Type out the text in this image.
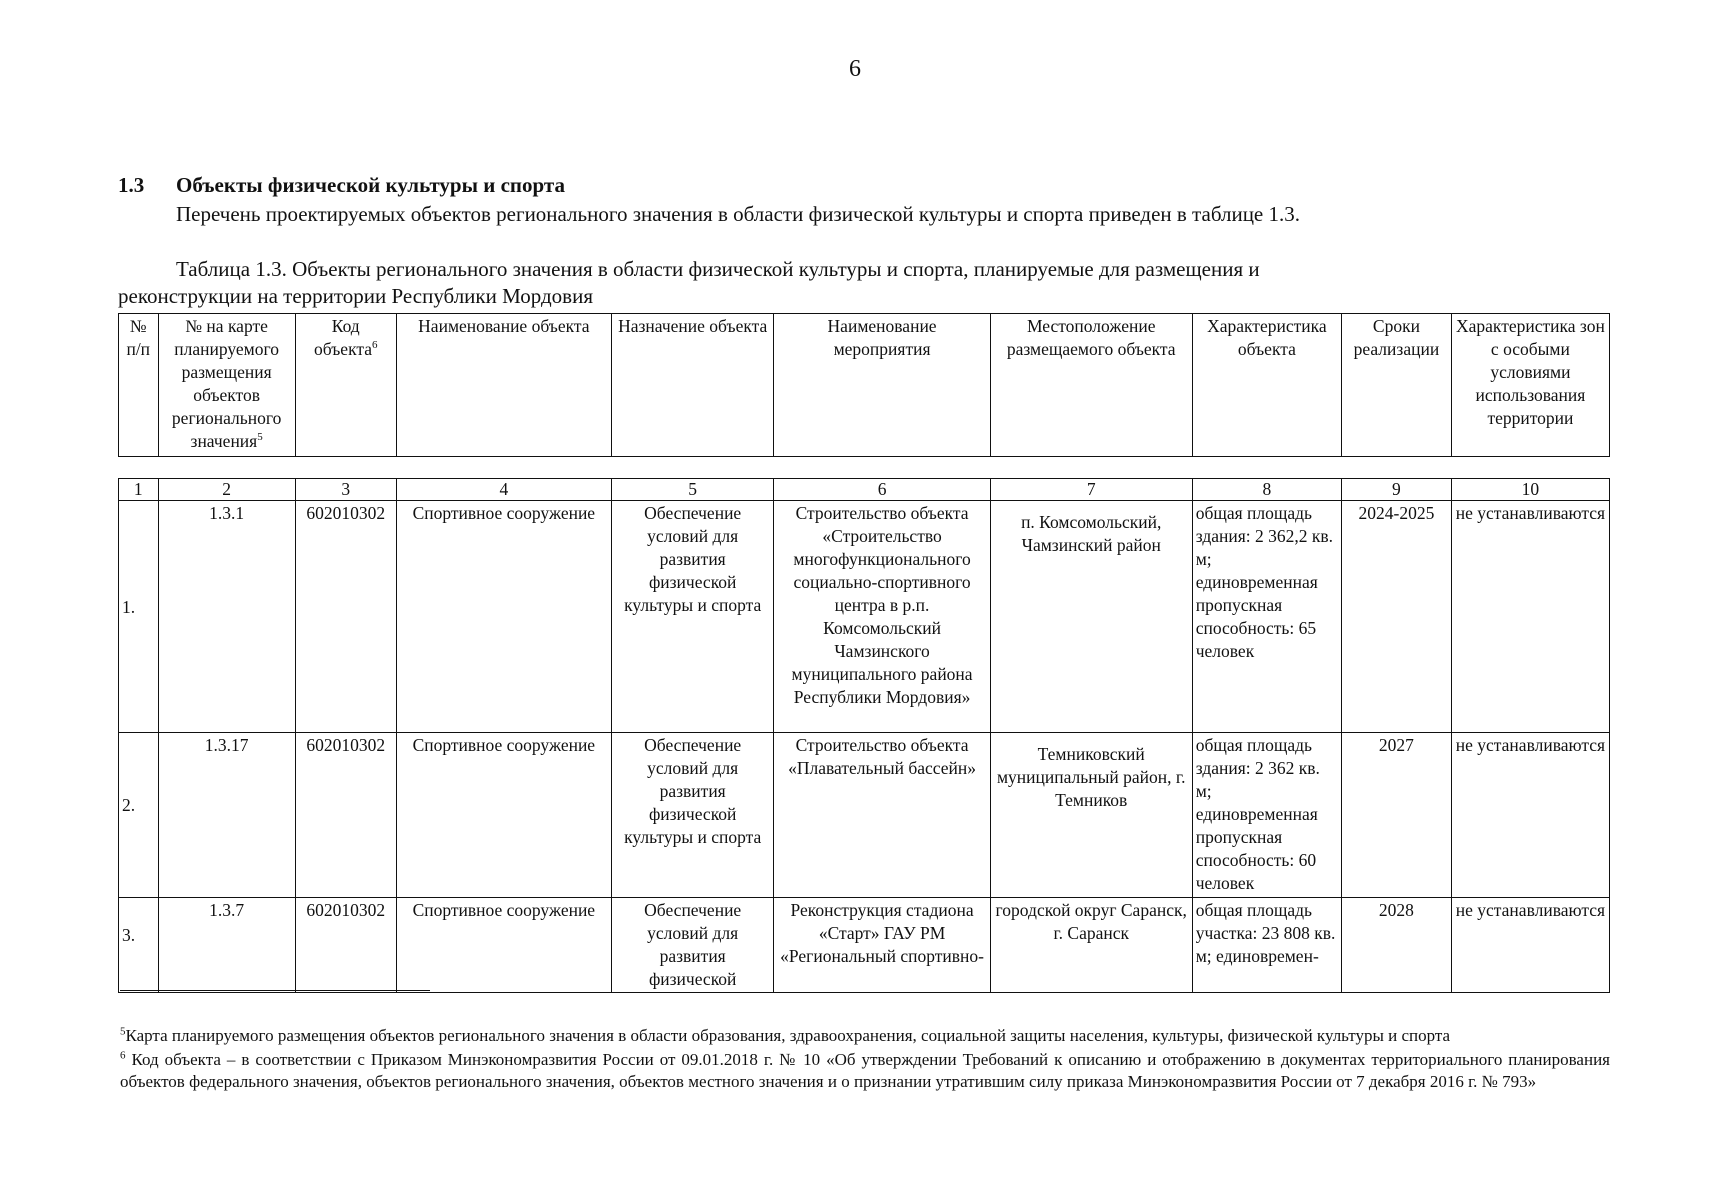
6
1.3 Объекты физической культуры и спорта
Перечень проектируемых объектов регионального значения в области физической культуры и спорта приведен в таблице 1.3.
Таблица 1.3. Объекты регионального значения в области физической культуры и спорта, планируемые для размещения и
реконструкции на территории Республики Мордовия
№ п/п	№ на карте планируемого размещения объектов регионального значения$^5$	Код объекта$^6$	Наименование объекта	Назначение объекта	Наименование мероприятия	Местоположение размещаемого объекта	Характеристика объекта	Сроки реализации	Характеристика зон с особыми условиями использования территории
1	2	3	4	5	6	7	8	9	10
1.	1.3.1	602010302	Спортивное сооружение	Обеспечение условий для развития физической культуры и спорта	Строительство объекта «Строительство многофункционального социально-спортивного центра в р.п. Комсомольский Чамзинского муниципального района Республики Мордовия»	п. Комсомольский, Чамзинский район	общая площадь здания: 2 362,2 кв. м; единовременная пропускная способность: 65 человек	2024-2025	не устанавливаются
2.	1.3.17	602010302	Спортивное сооружение	Обеспечение условий для развития физической культуры и спорта	Строительство объекта «Плавательный бассейн»	Темниковский муниципальный район, г. Темников	общая площадь здания: 2 362 кв. м; единовременная пропускная способность: 60 человек	2027	не устанавливаются
3.	1.3.7	602010302	Спортивное сооружение	Обеспечение условий для развития физической	Реконструкция стадиона «Старт» ГАУ РМ «Региональный спортивно-	городской округ Саранск, г. Саранск	общая площадь участка: 23 808 кв. м; единовремен-	2028	не устанавливаются

$^5$Карта планируемого размещения объектов регионального значения в области образования, здравоохранения, социальной защиты населения, культуры, физической культуры и спорта

$^6$ Код объекта – в соответствии с Приказом Минэкономразвития России от 09.01.2018 г. № 10 «Об утверждении Требований к описанию и отображению в документах территориального планирования объектов федерального значения, объектов регионального значения, объектов местного значения и о признании утратившим силу приказа Минэкономразвития России от 7 декабря 2016 г. № 793»
